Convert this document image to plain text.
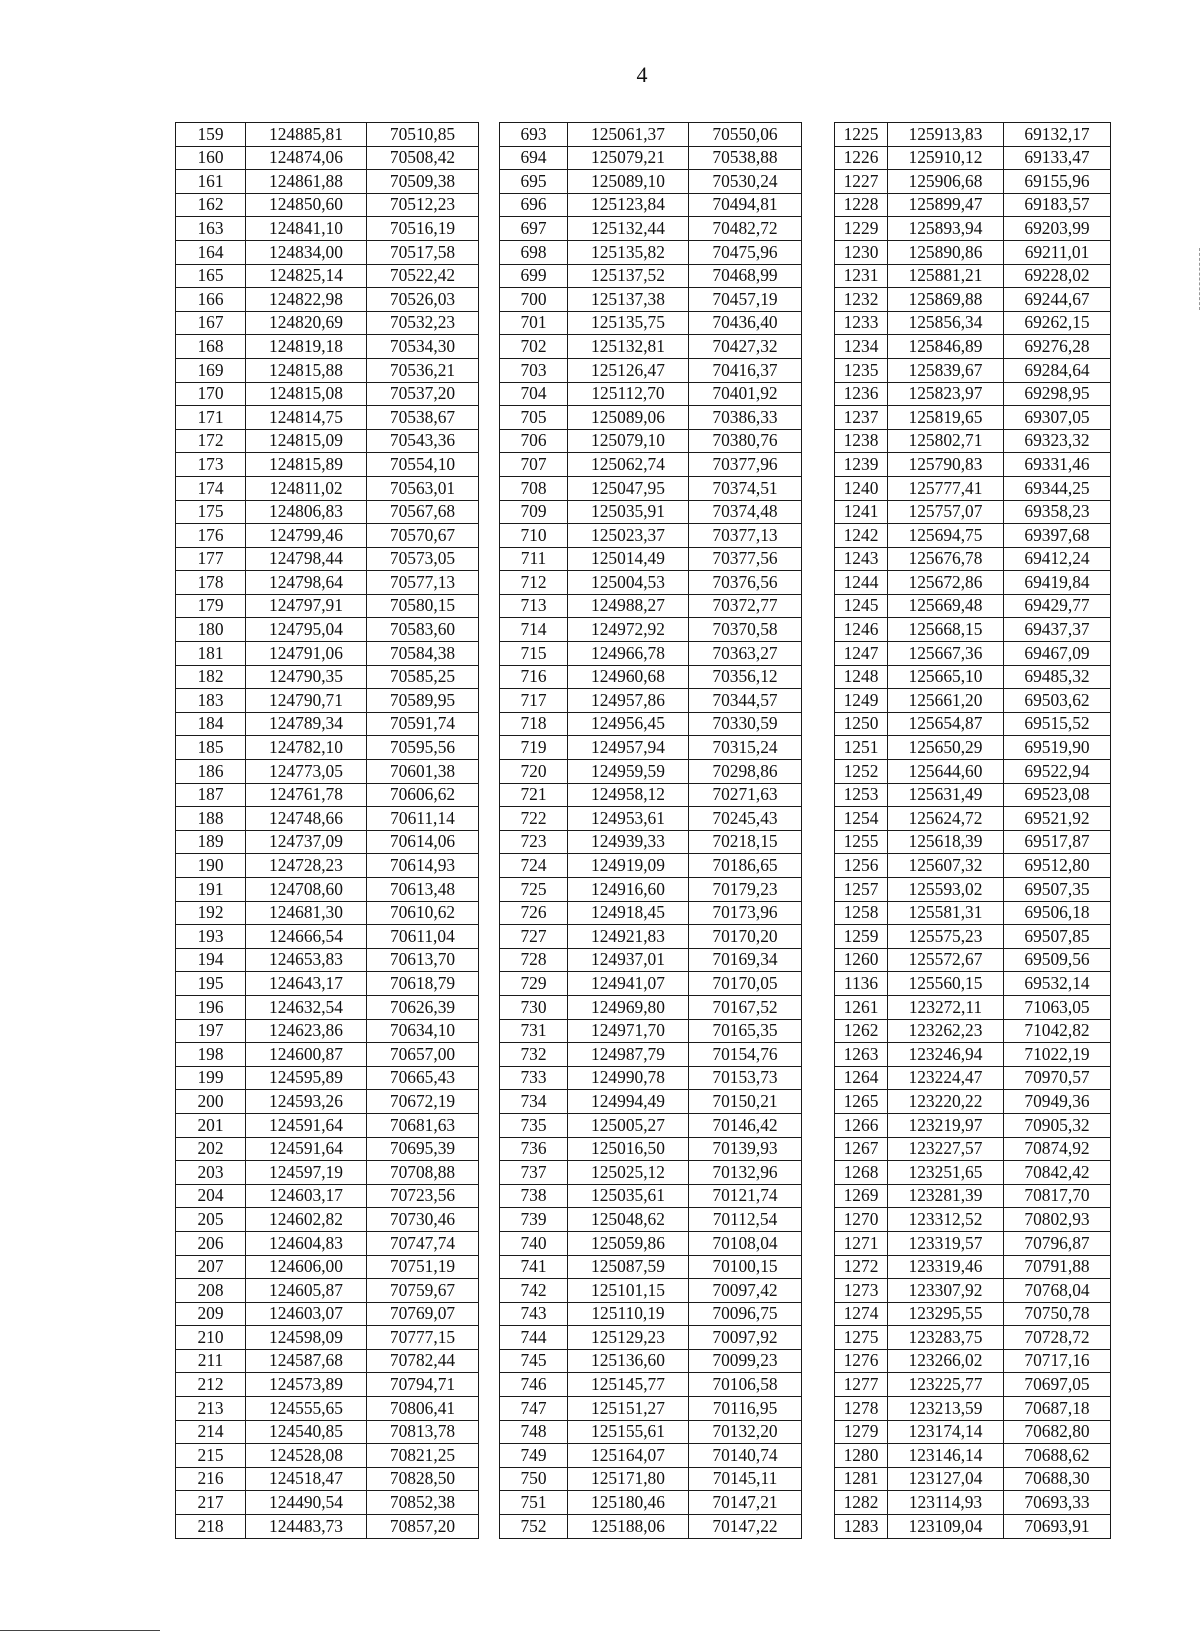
4
159	124885,81	70510,85		693	125061,37	70550,06		1225	125913,83	69132,17
160	124874,06	70508,42		694	125079,21	70538,88		1226	125910,12	69133,47
161	124861,88	70509,38		695	125089,10	70530,24		1227	125906,68	69155,96
162	124850,60	70512,23		696	125123,84	70494,81		1228	125899,47	69183,57
163	124841,10	70516,19		697	125132,44	70482,72		1229	125893,94	69203,99
164	124834,00	70517,58		698	125135,82	70475,96		1230	125890,86	69211,01
165	124825,14	70522,42		699	125137,52	70468,99		1231	125881,21	69228,02
166	124822,98	70526,03		700	125137,38	70457,19		1232	125869,88	69244,67
167	124820,69	70532,23		701	125135,75	70436,40		1233	125856,34	69262,15
168	124819,18	70534,30		702	125132,81	70427,32		1234	125846,89	69276,28
169	124815,88	70536,21		703	125126,47	70416,37		1235	125839,67	69284,64
170	124815,08	70537,20		704	125112,70	70401,92		1236	125823,97	69298,95
171	124814,75	70538,67		705	125089,06	70386,33		1237	125819,65	69307,05
172	124815,09	70543,36		706	125079,10	70380,76		1238	125802,71	69323,32
173	124815,89	70554,10		707	125062,74	70377,96		1239	125790,83	69331,46
174	124811,02	70563,01		708	125047,95	70374,51		1240	125777,41	69344,25
175	124806,83	70567,68		709	125035,91	70374,48		1241	125757,07	69358,23
176	124799,46	70570,67		710	125023,37	70377,13		1242	125694,75	69397,68
177	124798,44	70573,05		711	125014,49	70377,56		1243	125676,78	69412,24
178	124798,64	70577,13		712	125004,53	70376,56		1244	125672,86	69419,84
179	124797,91	70580,15		713	124988,27	70372,77		1245	125669,48	69429,77
180	124795,04	70583,60		714	124972,92	70370,58		1246	125668,15	69437,37
181	124791,06	70584,38		715	124966,78	70363,27		1247	125667,36	69467,09
182	124790,35	70585,25		716	124960,68	70356,12		1248	125665,10	69485,32
183	124790,71	70589,95		717	124957,86	70344,57		1249	125661,20	69503,62
184	124789,34	70591,74		718	124956,45	70330,59		1250	125654,87	69515,52
185	124782,10	70595,56		719	124957,94	70315,24		1251	125650,29	69519,90
186	124773,05	70601,38		720	124959,59	70298,86		1252	125644,60	69522,94
187	124761,78	70606,62		721	124958,12	70271,63		1253	125631,49	69523,08
188	124748,66	70611,14		722	124953,61	70245,43		1254	125624,72	69521,92
189	124737,09	70614,06		723	124939,33	70218,15		1255	125618,39	69517,87
190	124728,23	70614,93		724	124919,09	70186,65		1256	125607,32	69512,80
191	124708,60	70613,48		725	124916,60	70179,23		1257	125593,02	69507,35
192	124681,30	70610,62		726	124918,45	70173,96		1258	125581,31	69506,18
193	124666,54	70611,04		727	124921,83	70170,20		1259	125575,23	69507,85
194	124653,83	70613,70		728	124937,01	70169,34		1260	125572,67	69509,56
195	124643,17	70618,79		729	124941,07	70170,05		1136	125560,15	69532,14
196	124632,54	70626,39		730	124969,80	70167,52		1261	123272,11	71063,05
197	124623,86	70634,10		731	124971,70	70165,35		1262	123262,23	71042,82
198	124600,87	70657,00		732	124987,79	70154,76		1263	123246,94	71022,19
199	124595,89	70665,43		733	124990,78	70153,73		1264	123224,47	70970,57
200	124593,26	70672,19		734	124994,49	70150,21		1265	123220,22	70949,36
201	124591,64	70681,63		735	125005,27	70146,42		1266	123219,97	70905,32
202	124591,64	70695,39		736	125016,50	70139,93		1267	123227,57	70874,92
203	124597,19	70708,88		737	125025,12	70132,96		1268	123251,65	70842,42
204	124603,17	70723,56		738	125035,61	70121,74		1269	123281,39	70817,70
205	124602,82	70730,46		739	125048,62	70112,54		1270	123312,52	70802,93
206	124604,83	70747,74		740	125059,86	70108,04		1271	123319,57	70796,87
207	124606,00	70751,19		741	125087,59	70100,15		1272	123319,46	70791,88
208	124605,87	70759,67		742	125101,15	70097,42		1273	123307,92	70768,04
209	124603,07	70769,07		743	125110,19	70096,75		1274	123295,55	70750,78
210	124598,09	70777,15		744	125129,23	70097,92		1275	123283,75	70728,72
211	124587,68	70782,44		745	125136,60	70099,23		1276	123266,02	70717,16
212	124573,89	70794,71		746	125145,77	70106,58		1277	123225,77	70697,05
213	124555,65	70806,41		747	125151,27	70116,95		1278	123213,59	70687,18
214	124540,85	70813,78		748	125155,61	70132,20		1279	123174,14	70682,80
215	124528,08	70821,25		749	125164,07	70140,74		1280	123146,14	70688,62
216	124518,47	70828,50		750	125171,80	70145,11		1281	123127,04	70688,30
217	124490,54	70852,38		751	125180,46	70147,21		1282	123114,93	70693,33
218	124483,73	70857,20		752	125188,06	70147,22		1283	123109,04	70693,91
